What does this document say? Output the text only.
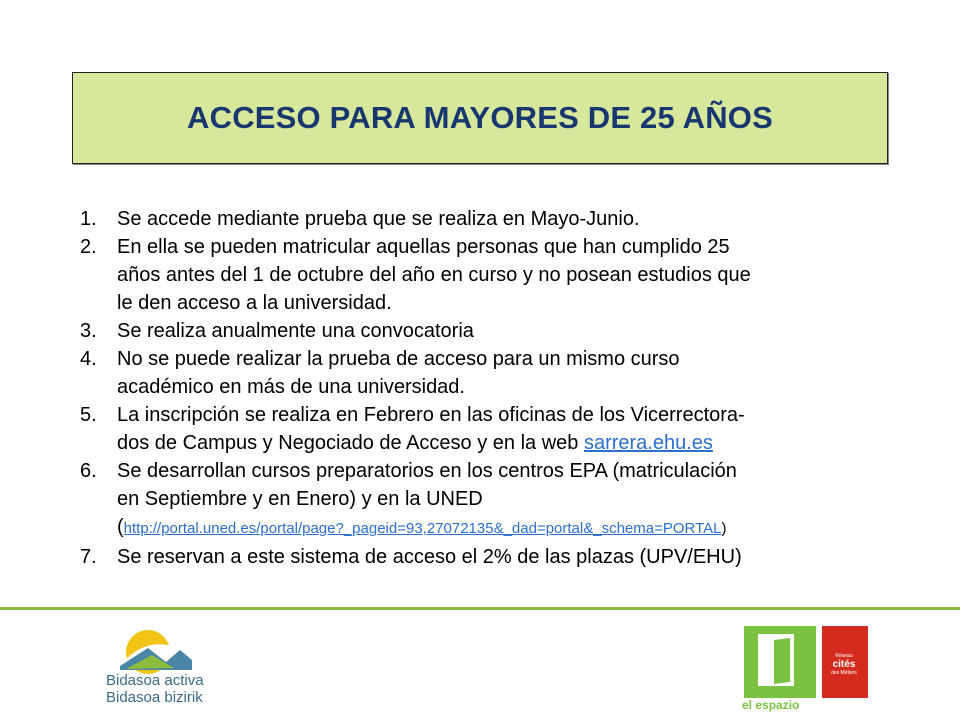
ACCESO PARA MAYORES DE 25 AÑOS
1. Se accede mediante prueba que se realiza en Mayo-Junio.
2. En ella se pueden matricular aquellas personas que han cumplido 25
años antes del 1 de octubre del año en curso y no posean estudios que
le den acceso a la universidad.
3. Se realiza anualmente una convocatoria
4. No se puede realizar la prueba de acceso para un mismo curso
académico en más de una universidad.
5. La inscripción se realiza en Febrero en las oficinas de los Vicerrectora-
dos de Campus y Negociado de Acceso y en la web sarrera.ehu.es
6. Se desarrollan cursos preparatorios en los centros EPA (matriculación
en Septiembre y en Enero) y en la UNED
(http://portal.uned.es/portal/page?_pageid=93,27072135&_dad=portal&_schema=PORTAL)
7. Se reservan a este sistema de acceso el 2% de las plazas (UPV/EHU)
Bidasoa activa
Bidasoa bizirik	el espazio
Réseau
cités
des Métiers
